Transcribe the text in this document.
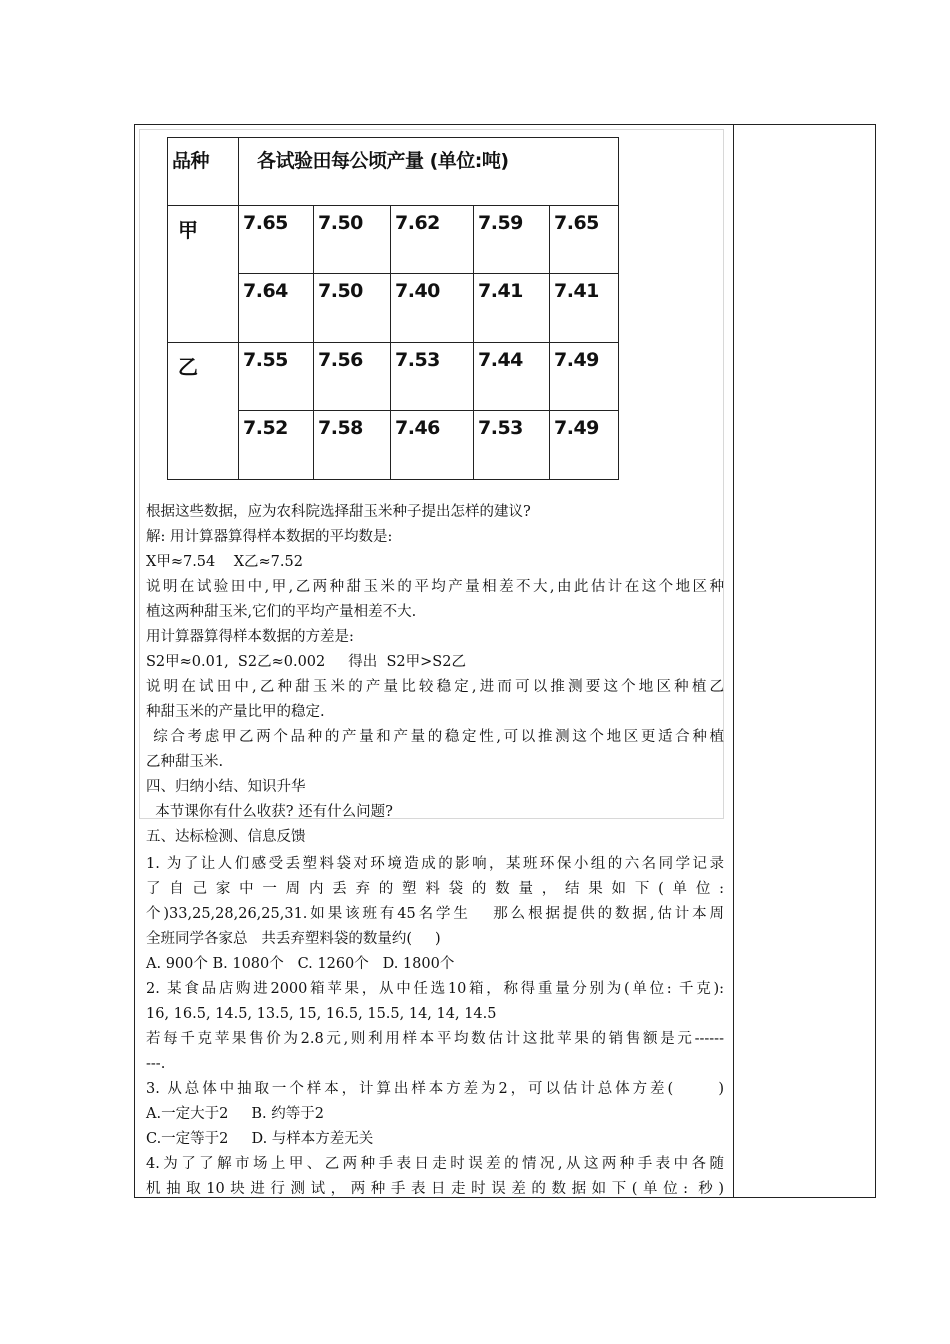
品种	各试验田每公顷产量 (单位:吨)				

甲	7.65	7.50	7.62	7.59	7.65

	7.64	7.50	7.40	7.41	7.41

乙	7.55	7.56	7.53	7.44	7.49

	7.52	7.58	7.46	7.53	7.49
根据这些数据，应为农科院选择甜玉米种子提出怎样的建议?
解: 用计算器算得样本数据的平均数是:
X甲≈7.54    X乙≈7.52
说明在试验田中,甲,乙两种甜玉米的平均产量相差不大,由此估计在这个地区种
植这两种甜玉米,它们的平均产量相差不大.
用计算器算得样本数据的方差是:
S2甲≈0.01,  S2乙≈0.002     得出  S2甲>S2乙
说明在试田中,乙种甜玉米的产量比较稳定,进而可以推测要这个地区种植乙
种甜玉米的产量比甲的稳定.
综合考虑甲乙两个品种的产量和产量的稳定性,可以推测这个地区更适合种植
乙种甜玉米.
四、归纳小结、知识升华
本节课你有什么收获? 还有什么问题?
五、达标检测、信息反馈
1. 为了让人们感受丢塑料袋对环境造成的影响，某班环保小组的六名同学记录
了自己家中一周内丢弃的塑料袋的数量，结果如下(单位:
个)33,25,28,26,25,31.如果该班有45名学生   那么根据提供的数据,估计本周
全班同学各家总   共丢弃塑料袋的数量约(     )
A. 900个 B. 1080个   C. 1260个   D. 1800个
2. 某食品店购进2000箱苹果，从中任选10箱，称得重量分别为(单位: 千克):
16, 16.5, 14.5, 13.5, 15, 16.5, 15.5, 14, 14, 14.5
若每千克苹果售价为2.8元,则利用样本平均数估计这批苹果的销售额是元------
---.
3. 从总体中抽取一个样本，计算出样本方差为2，可以估计总体方差(      )
A.一定大于2     B. 约等于2
C.一定等于2     D. 与样本方差无关
4.为了了解市场上甲、乙两种手表日走时误差的情况,从这两种手表中各随
机抽取10块进行测试，两种手表日走时误差的数据如下(单位: 秒)
